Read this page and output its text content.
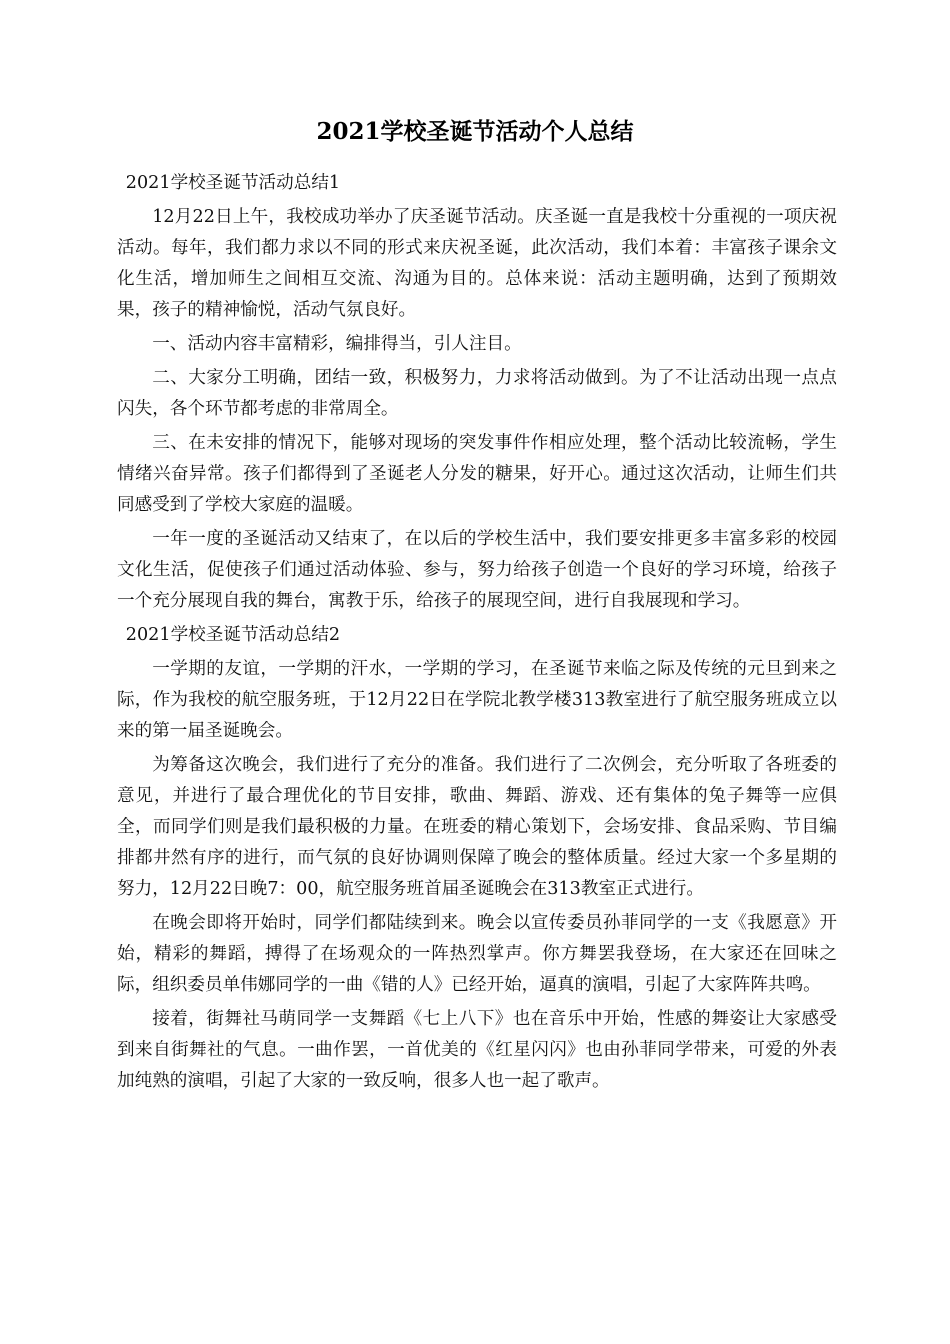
2021学校圣诞节活动个人总结

2021学校圣诞节活动总结1

12月22日上午，我校成功举办了庆圣诞节活动。庆圣诞一直是我校十分重视的一项庆祝活动。每年，我们都力求以不同的形式来庆祝圣诞，此次活动，我们本着：丰富孩子课余文化生活，增加师生之间相互交流、沟通为目的。总体来说：活动主题明确，达到了预期效果，孩子的精神愉悦，活动气氛良好。

一、活动内容丰富精彩，编排得当，引人注目。

二、大家分工明确，团结一致，积极努力，力求将活动做到。为了不让活动出现一点点闪失，各个环节都考虑的非常周全。

三、在未安排的情况下，能够对现场的突发事件作相应处理，整个活动比较流畅，学生情绪兴奋异常。孩子们都得到了圣诞老人分发的糖果，好开心。通过这次活动，让师生们共同感受到了学校大家庭的温暖。

一年一度的圣诞活动又结束了，在以后的学校生活中，我们要安排更多丰富多彩的校园文化生活，促使孩子们通过活动体验、参与，努力给孩子创造一个良好的学习环境，给孩子一个充分展现自我的舞台，寓教于乐，给孩子的展现空间，进行自我展现和学习。

2021学校圣诞节活动总结2

一学期的友谊，一学期的汗水，一学期的学习，在圣诞节来临之际及传统的元旦到来之际，作为我校的航空服务班，于12月22日在学院北教学楼313教室进行了航空服务班成立以来的第一届圣诞晚会。

为筹备这次晚会，我们进行了充分的准备。我们进行了二次例会，充分听取了各班委的意见，并进行了最合理优化的节目安排，歌曲、舞蹈、游戏、还有集体的兔子舞等一应俱全，而同学们则是我们最积极的力量。在班委的精心策划下，会场安排、食品采购、节目编排都井然有序的进行，而气氛的良好协调则保障了晚会的整体质量。经过大家一个多星期的努力，12月22日晚7：00，航空服务班首届圣诞晚会在313教室正式进行。

在晚会即将开始时，同学们都陆续到来。晚会以宣传委员孙菲同学的一支《我愿意》开始，精彩的舞蹈，搏得了在场观众的一阵热烈掌声。你方舞罢我登场，在大家还在回味之际，组织委员单伟娜同学的一曲《错的人》已经开始，逼真的演唱，引起了大家阵阵共鸣。

接着，街舞社马萌同学一支舞蹈《七上八下》也在音乐中开始，性感的舞姿让大家感受到来自街舞社的气息。一曲作罢，一首优美的《红星闪闪》也由孙菲同学带来，可爱的外表加纯熟的演唱，引起了大家的一致反响，很多人也一起了歌声。
